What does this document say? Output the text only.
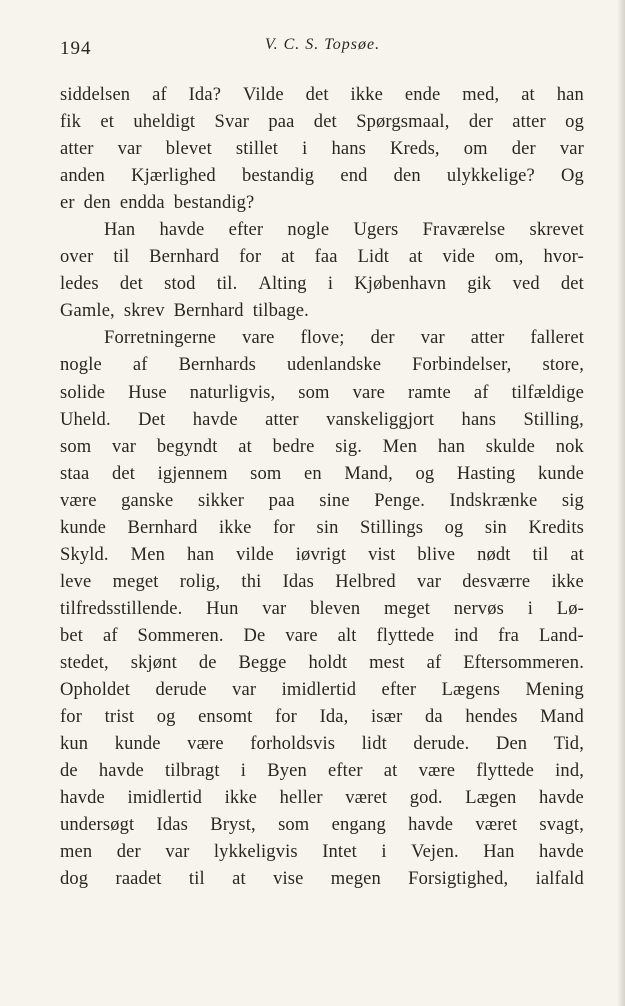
194	V. C. S. Topsøe.
siddelsen af Ida? Vilde det ikke ende med, at han
fik et uheldigt Svar paa det Spørgsmaal, der atter og
atter var blevet stillet i hans Kreds, om der var
anden Kjærlighed bestandig end den ulykkelige? Og
er den endda bestandig?
Han havde efter nogle Ugers Fraværelse skrevet
over til Bernhard for at faa Lidt at vide om, hvor-
ledes det stod til. Alting i Kjøbenhavn gik ved det
Gamle, skrev Bernhard tilbage.
Forretningerne vare flove; der var atter falleret
nogle af Bernhards udenlandske Forbindelser, store,
solide Huse naturligvis, som vare ramte af tilfældige
Uheld. Det havde atter vanskeliggjort hans Stilling,
som var begyndt at bedre sig. Men han skulde nok
staa det igjennem som en Mand, og Hasting kunde
være ganske sikker paa sine Penge. Indskrænke sig
kunde Bernhard ikke for sin Stillings og sin Kredits
Skyld. Men han vilde iøvrigt vist blive nødt til at
leve meget rolig, thi Idas Helbred var desværre ikke
tilfredsstillende. Hun var bleven meget nervøs i Lø-
bet af Sommeren. De vare alt flyttede ind fra Land-
stedet, skjønt de Begge holdt mest af Eftersommeren.
Opholdet derude var imidlertid efter Lægens Mening
for trist og ensomt for Ida, især da hendes Mand
kun kunde være forholdsvis lidt derude. Den Tid,
de havde tilbragt i Byen efter at være flyttede ind,
havde imidlertid ikke heller været god. Lægen havde
undersøgt Idas Bryst, som engang havde været svagt,
men der var lykkeligvis Intet i Vejen. Han havde
dog raadet til at vise megen Forsigtighed, ialfald
